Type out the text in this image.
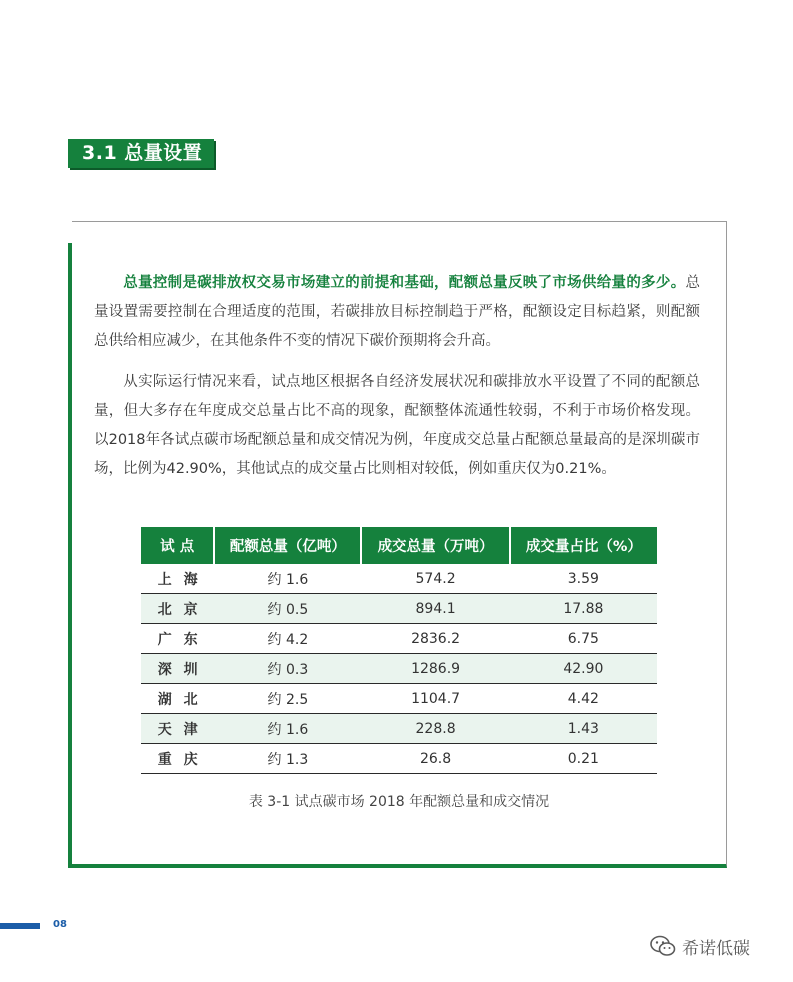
3.1 总量设置

  总量控制是碳排放权交易市场建立的前提和基础，配额总量反映了市场供给量的多少。总量设置需要控制在合理适度的范围，若碳排放目标控制趋于严格，配额设定目标趋紧，则配额总供给相应减少，在其他条件不变的情况下碳价预期将会升高。

  从实际运行情况来看，试点地区根据各自经济发展状况和碳排放水平设置了不同的配额总量，但大多存在年度成交总量占比不高的现象，配额整体流通性较弱，不利于市场价格发现。以2018年各试点碳市场配额总量和成交情况为例，年度成交总量占配额总量最高的是深圳碳市场，比例为42.90%，其他试点的成交量占比则相对较低，例如重庆仅为0.21%。

试 点	配额总量（亿吨）	成交总量（万吨）	成交量占比（%）
上海	约 1.6	574.2	3.59
北京	约 0.5	894.1	17.88
广东	约 4.2	2836.2	6.75
深圳	约 0.3	1286.9	42.90
湖北	约 2.5	1104.7	4.42
天津	约 1.6	228.8	1.43
重庆	约 1.3	26.8	0.21
表 3-1 试点碳市场 2018 年配额总量和成交情况
08
希诺低碳
